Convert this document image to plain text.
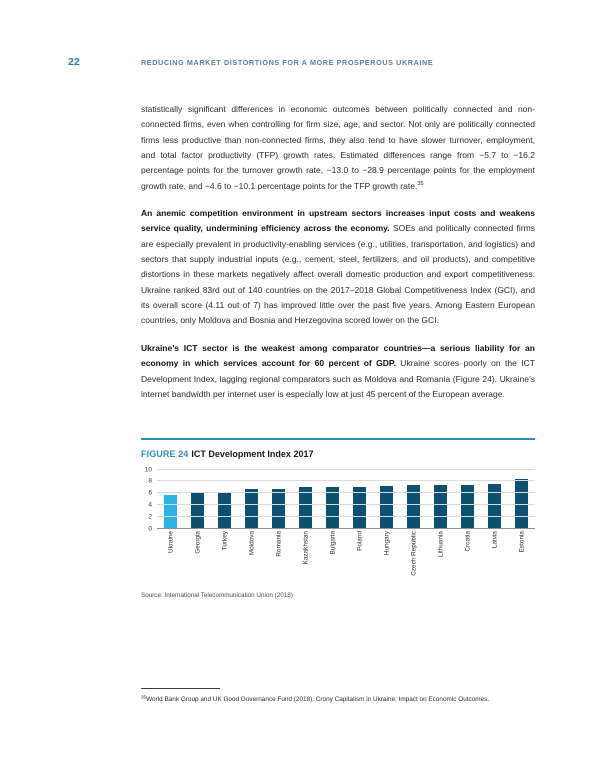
22	REDUCING MARKET DISTORTIONS FOR A MORE PROSPEROUS UKRAINE

statistically significant differences in economic outcomes between politically connected and non-connected firms, even when controlling for firm size, age, and sector. Not only are politically connected firms less productive than non-connected firms, they also tend to have slower turnover, employment, and total factor productivity (TFP) growth rates. Estimated differences range from −5.7 to −16.2 percentage points for the turnover growth rate, −13.0 to −28.9 percentage points for the employment growth rate, and −4.6 to −10.1 percentage points for the TFP growth rate.$^{35}$

An anemic competition environment in upstream sectors increases input costs and weakens service quality, undermining efficiency across the economy. SOEs and politically connected firms are especially prevalent in productivity-enabling services (e.g., utilities, transportation, and logistics) and sectors that supply industrial inputs (e.g., cement, steel, fertilizers, and oil products), and competitive distortions in these markets negatively affect overall domestic production and export competitiveness. Ukraine ranked 83rd out of 140 countries on the 2017–2018 Global Competitiveness Index (GCI), and its overall score (4.11 out of 7) has improved little over the past five years. Among Eastern European countries, only Moldova and Bosnia and Herzegovina scored lower on the GCI.

Ukraine’s ICT sector is the weakest among comparator countries—a serious liability for an economy in which services account for 60 percent of GDP. Ukraine scores poorly on the ICT Development Index, lagging regional comparators such as Moldova and Romania (Figure 24). Ukraine’s internet bandwidth per internet user is especially low at just 45 percent of the European average.

FIGURE 24 ICT Development Index 2017
0
2
4
6
8
10
Ukraine	Georgia	Turkey	Moldova	Romania	Kazakhstan	Bulgaria	Poland	Hungary	Czech Republic	Lithuania	Croatia	Latvia	Estonia
Source: International Telecommunication Union (2018)
$^{35}$World Bank Group and UK Good Governance Fund (2018). Crony Capitalism in Ukraine: Impact on Economic Outcomes.
